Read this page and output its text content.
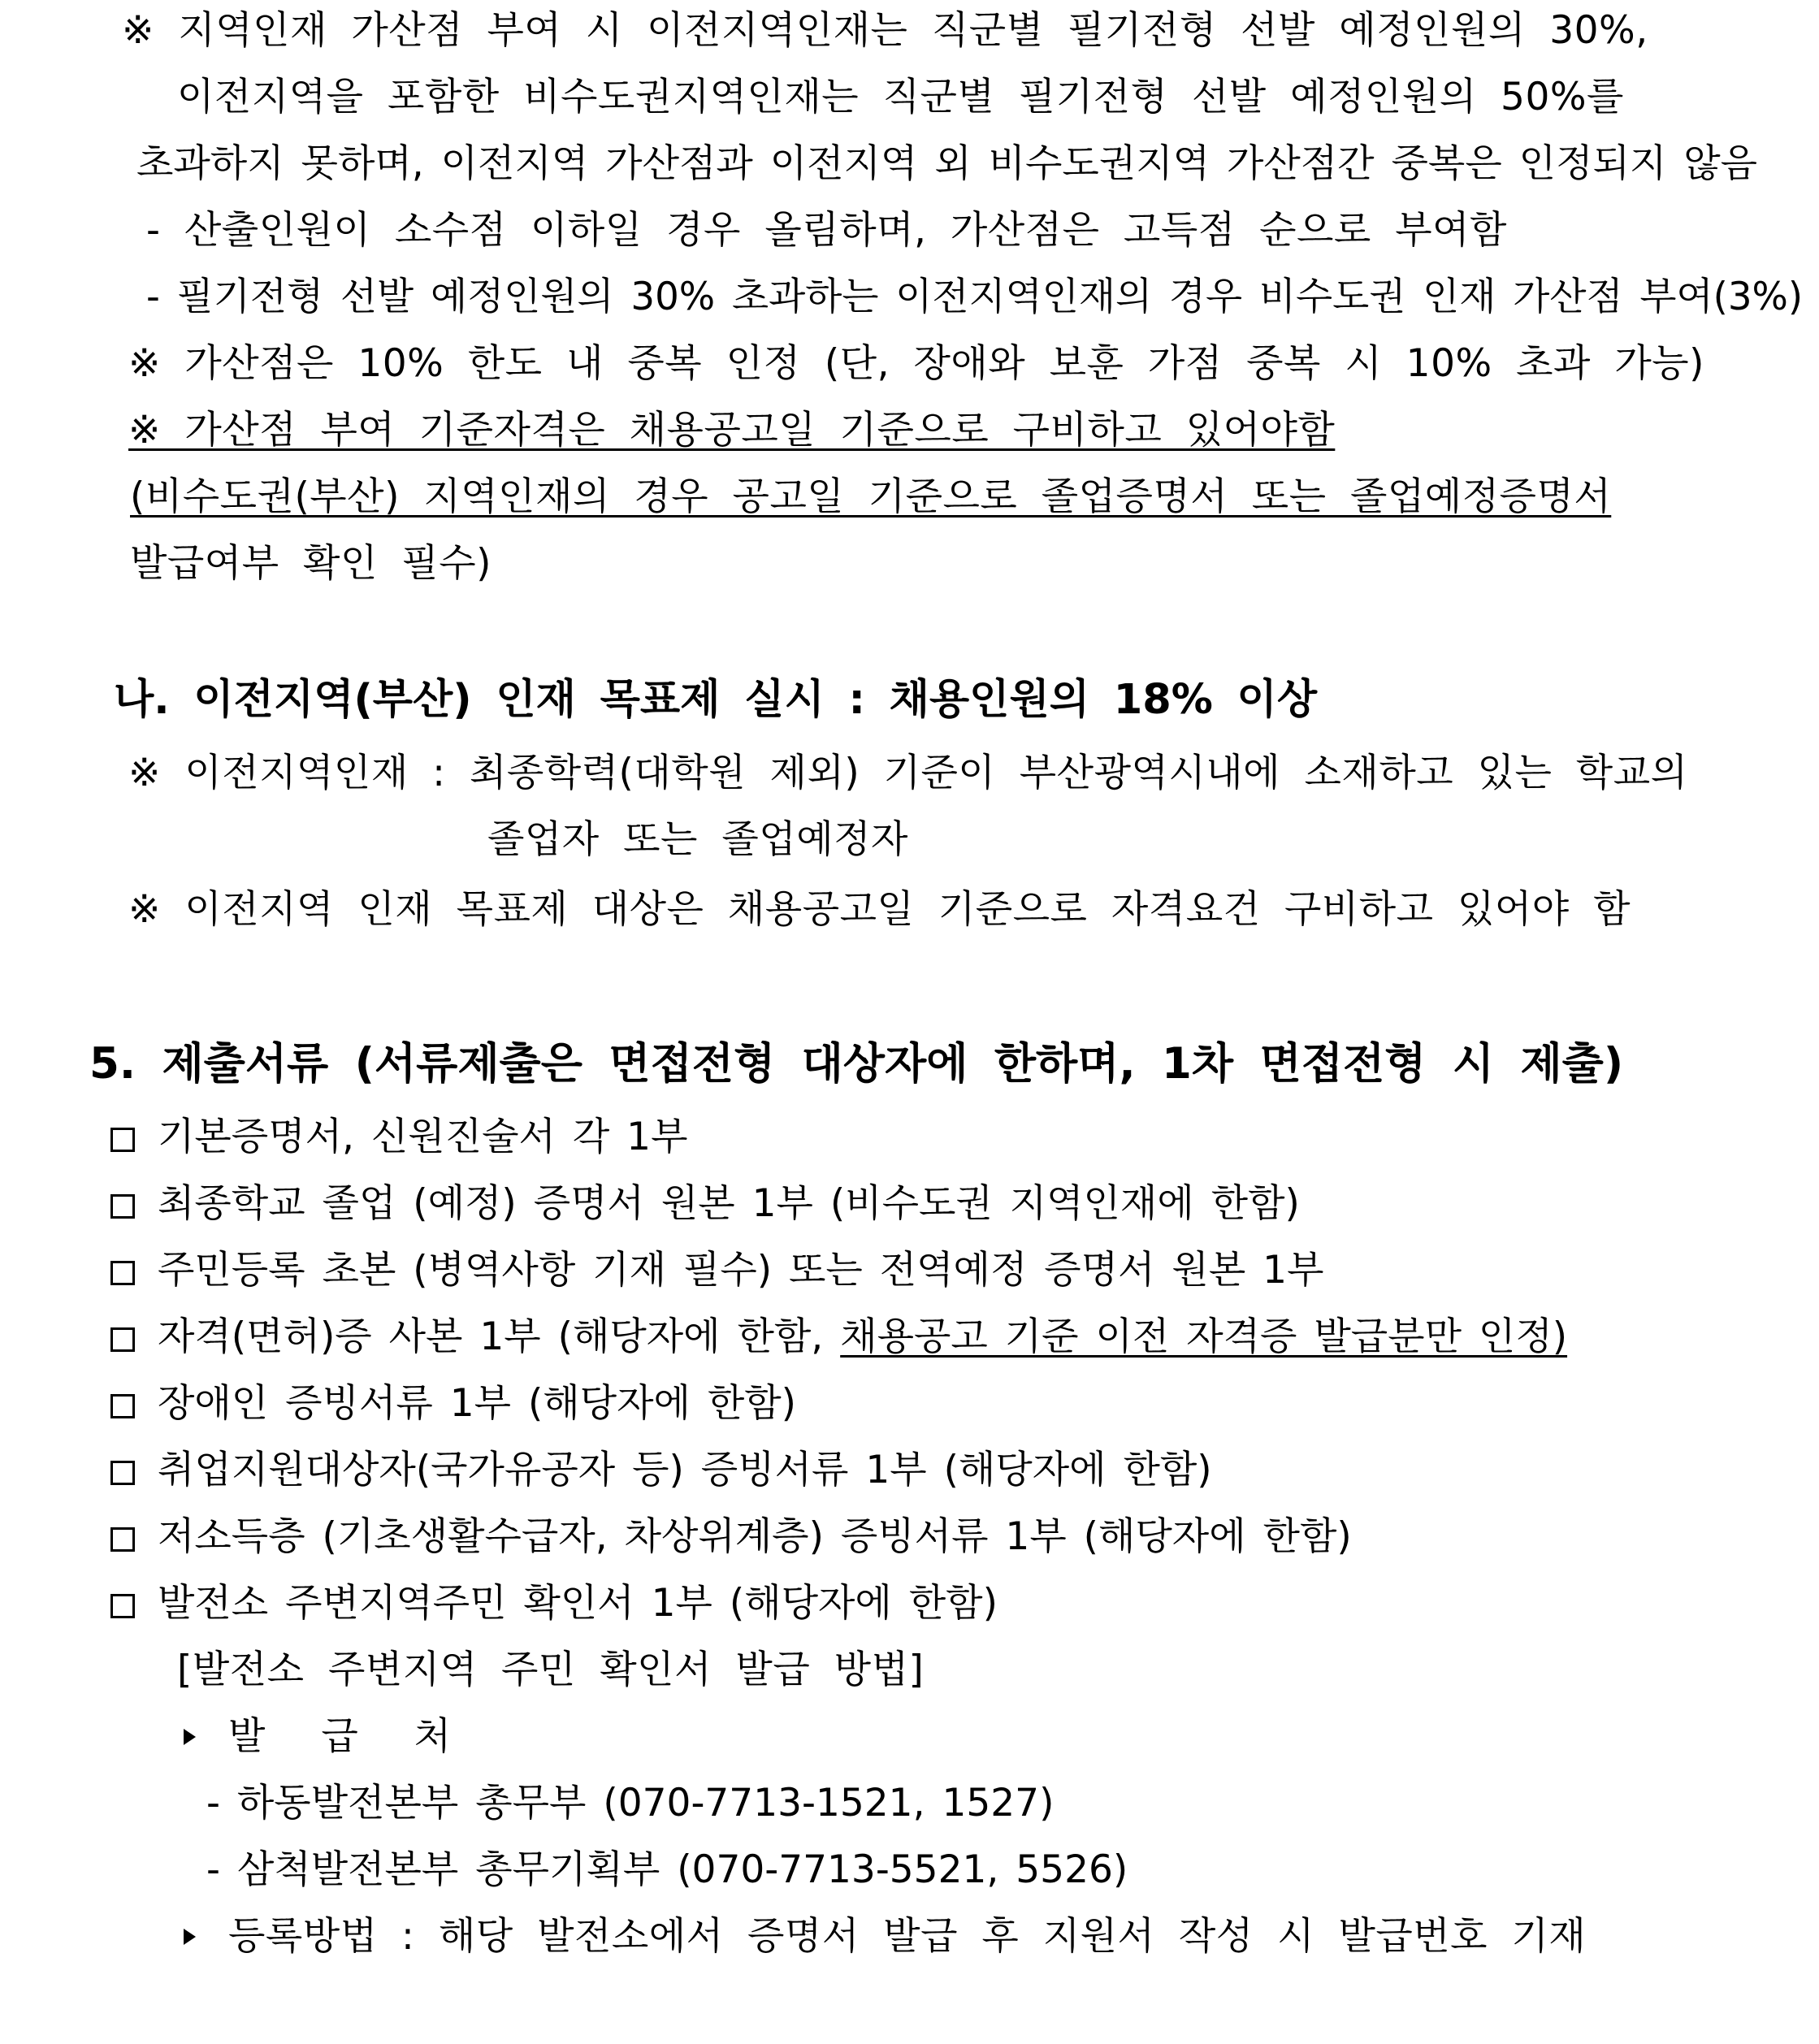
※ 지역인재 가산점 부여 시 이전지역인재는 직군별 필기전형 선발 예정인원의 30%,
이전지역을 포함한 비수도권지역인재는 직군별 필기전형 선발 예정인원의 50%를
초과하지 못하며, 이전지역 가산점과 이전지역 외 비수도권지역 가산점간 중복은 인정되지 않음
- 산출인원이 소수점 이하일 경우 올림하며, 가산점은 고득점 순으로 부여함
- 필기전형 선발 예정인원의 30% 초과하는 이전지역인재의 경우 비수도권 인재 가산점 부여(3%)
※ 가산점은 10% 한도 내 중복 인정 (단, 장애와 보훈 가점 중복 시 10% 초과 가능)
※ 가산점 부여 기준자격은 채용공고일 기준으로 구비하고 있어야함
(비수도권(부산) 지역인재의 경우 공고일 기준으로 졸업증명서 또는 졸업예정증명서
발급여부 확인 필수)
나. 이전지역(부산) 인재 목표제 실시 : 채용인원의 18% 이상
※ 이전지역인재 : 최종학력(대학원 제외) 기준이 부산광역시내에 소재하고 있는 학교의
졸업자 또는 졸업예정자
※ 이전지역 인재 목표제 대상은 채용공고일 기준으로 자격요건 구비하고 있어야 함
5. 제출서류 (서류제출은 면접전형 대상자에 한하며, 1차 면접전형 시 제출)
기본증명서, 신원진술서 각 1부
최종학교 졸업 (예정) 증명서 원본 1부 (비수도권 지역인재에 한함)
주민등록 초본 (병역사항 기재 필수) 또는 전역예정 증명서 원본 1부
자격(면허)증 사본 1부 (해당자에 한함, 채용공고 기준 이전 자격증 발급분만 인정)
장애인 증빙서류 1부 (해당자에 한함)
취업지원대상자(국가유공자 등) 증빙서류 1부 (해당자에 한함)
저소득층 (기초생활수급자, 차상위계층) 증빙서류 1부 (해당자에 한함)
발전소 주변지역주민 확인서 1부 (해당자에 한함)
[발전소 주변지역 주민 확인서 발급 방법]
발 급 처
- 하동발전본부 총무부 (070-7713-1521, 1527)
- 삼척발전본부 총무기획부 (070-7713-5521, 5526)
등록방법 : 해당 발전소에서 증명서 발급 후 지원서 작성 시 발급번호 기재
